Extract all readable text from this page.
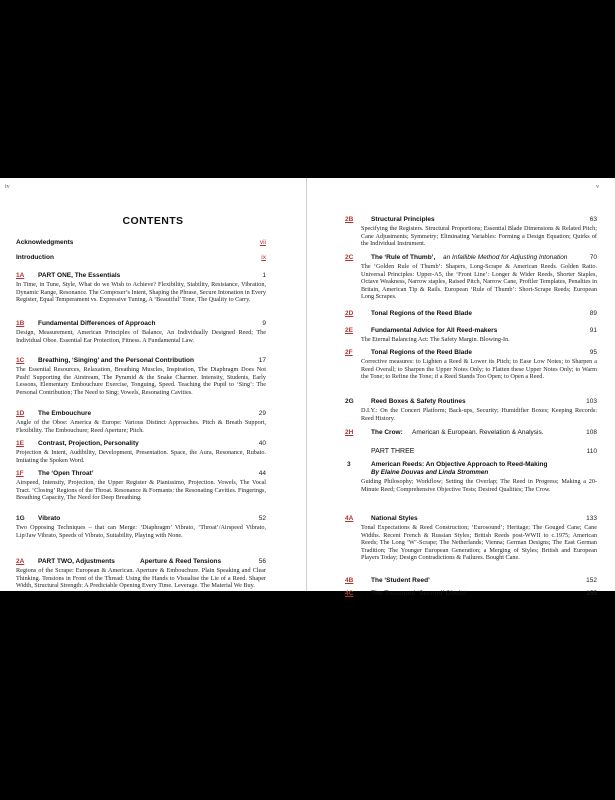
iv
CONTENTS
Acknowledgments	vii
Introduction	ix
1A PART ONE, The Essentials	1
In Time, in Tune, Style, What do we Wish to Achieve? Flexibility, Stability, Resistance, Vibration, Dynamic Range, Resonance. The Composer’s Intent, Shaping the Phrase, Secure Intonation in Every Register, Equal Temperament vs. Expressive Tuning, A ‘Beautiful’ Tone, The Quality to Carry.
1B Fundamental Differences of Approach	9
Design, Measurement, American Principles of Balance, An Individually Designed Reed; The Individual Oboe. Essential Ear Protection, Fitness. A Fundamental Law.
1C Breathing, ‘Singing’ and the Personal Contribution	17
The Essential Resources, Relaxation, Breathing Muscles, Inspiration, The Diaphragm Does Not Push! Supporting the Airstream, The Pyramid & the Snake Charmer. Intensity, Students, Early Lessons, Elementary Embouchure Exercise, Tonguing, Speed. Teaching the Pupil to ‘Sing’: The Personal Contribution; The Need to Sing; Vowels, Resonating Cavities.
1D The Embouchure	29
Angle of the Oboe: America & Europe: Various Distinct Approaches. Pitch & Breath Support, Flexibility. The Embouchure; Reed Aperture; Pitch.
1E Contrast, Projection, Personality	40
Projection & Intent, Audibility, Development, Presentation. Space, the Aura, Resonance, Rubato. Imitating the Spoken Word.
1F The ‘Open Throat’	44
Airspeed, Intensity, Projection, the Upper Register & Pianissimo, Projection. Vowels, The Vocal Tract. ‘Closing’ Regions of the Throat. Resonance & Formants: the Resonating Cavities. Fingerings, Breathing Capacity, The Need for Deep Breathing.
1G Vibrato	52
Two Opposing Techniques – that can Merge: ‘Diaphragm’ Vibrato, ‘Throat’/Airspeed Vibrato, Lip/Jaw Vibrato, Speeds of Vibrato, Suitability, Playing with None.
2A PART TWO, Adjustments	Aperture & Reed Tensions	56
Regions of the Scrape: European & American. Aperture & Embouchure. Plain Speaking and Clear Thinking. Tensions in Front of the Thread: Using the Hands to Visualise the Lie of a Reed. Shaper Width, Structural Strength: A Predictable Opening Every Time. Leverage. The Material We Buy.
v
2B	Structural Principles	63
Specifying the Registers. Structural Proportions; Essential Blade Dimensions & Related Pitch; Cane Adjustments; Symmetry; Eliminating Variables: Forming a Design Equation; Quirks of the Individual Instrument.
2C	The ‘Rule of Thumb’, an Infallible Method for Adjusting Intonation	70
The ‘Golden Rule of Thumb’: Shapers, Long-Scrape & American Reeds. Golden Ratio. Universal Principles: Upper-A5, the ‘Front Line’: Longer & Wider Reeds, Shorter Staples, Octave Weakness, Narrow staples, Raised Pitch, Narrow Cane, Profiler Templates, Penalties in Britain, American Tip & Rails. European ‘Rule of Thumb’: Short-Scrape Reeds; European Long Scrapes.
2D	Tonal Regions of the Reed Blade	89
2E	Fundamental Advice for All Reed-makers	91
The Eternal Balancing Act: The Safety Margin. Blowing-In.
2F	Tonal Regions of the Reed Blade	95
Corrective measures: to Lighten a Reed & Lower its Pitch; to Ease Low Notes; to Sharpen a Reed Overall; to Sharpen the Upper Notes Only; to Flatten these Upper Notes Only; to Warm the Tone; to Refine the Tone; if a Reed Stands Too Open; to Open a Reed.
2G	Reed Boxes & Safety Routines	103
D.I.Y.: On the Concert Platform; Back-ups, Security; Humidifier Boxes; Keeping Records: Reed History.
2H	The Crow: American & European. Revelation & Analysis.	108
PART THREE	110
3	American Reeds: An Objective Approach to Reed-Making
By Elaine Douvas and Linda Strommen
Guiding Philosophy; Workflow; Setting the Overlap; The Reed in Progress; Making a 20-Minute Reed; Comprehensive Objective Tests; Desired Qualities; The Crow.
4A	National Styles	133
Tonal Expectations & Reed Construction; ‘Eurosound’; Heritage; The Gouged Cane; Cane Widths. Recent French & Russian Styles; British Reeds post-WWII to c.1975; American Reeds; The Long ‘W’-Scrape; The Netherlands; Vienna; German Designs; The East German Tradition; The Younger European Generation; a Merging of Styles; British and European Players Today; Design Contradictions & Failures. Bought Cane.
4B	The ‘Student Reed’	152
4C	The Treasured ‘Second’ Oboist	155
